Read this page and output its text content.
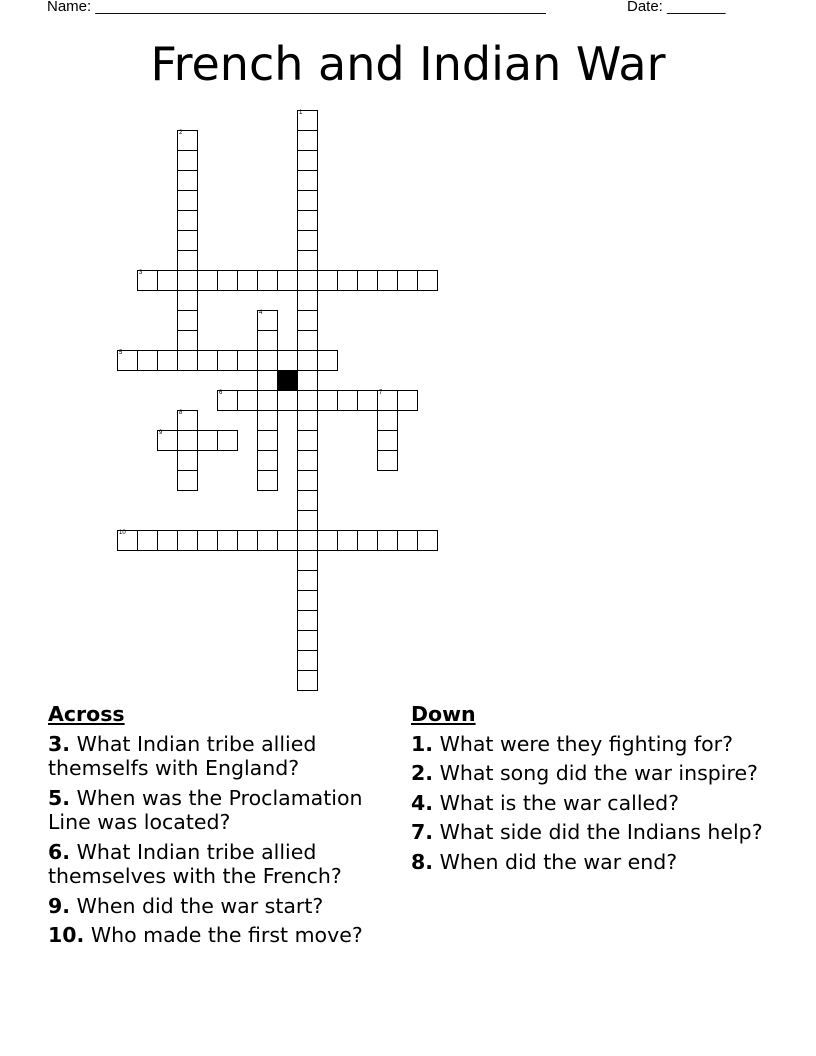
Name: ______________________________________________________	Date: _______
French and Indian War
1
2
3
4
5
6	7
8
9
10
Across
3. What Indian tribe allied themselfs with England?
5. When was the Proclamation Line was located?
6. What Indian tribe allied themselves with the French?
9. When did the war start?
10. Who made the first move?
Down
1. What were they fighting for?
2. What song did the war inspire?
4. What is the war called?
7. What side did the Indians help?
8. When did the war end?
